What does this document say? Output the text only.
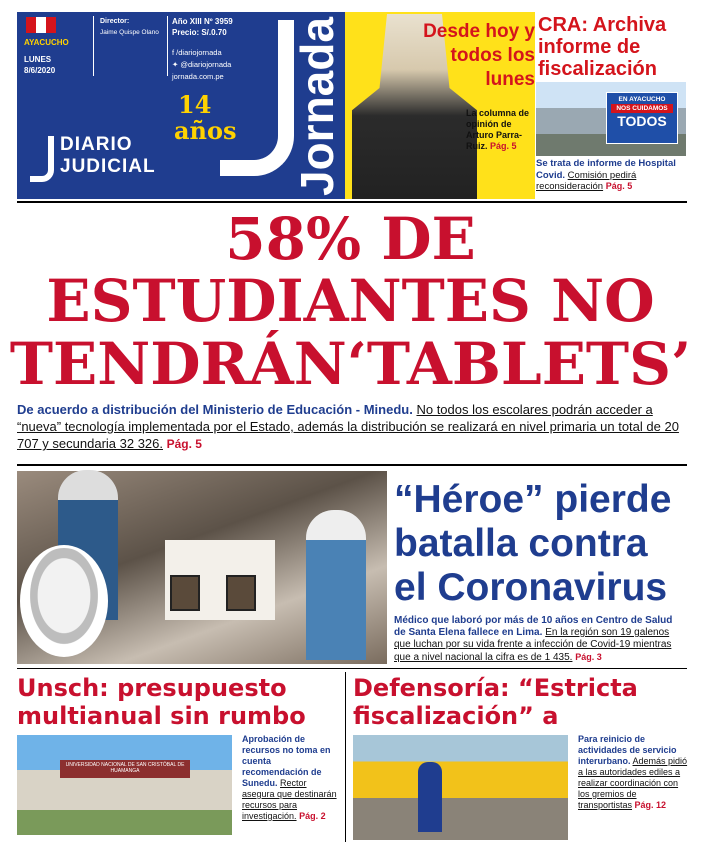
AYACUCHO
LUNES
8/6/2020
Director:
Jaime Quispe Olano
Año XIII Nº 3959
Precio: S/.0.70
f /diariojornada
✦ @diariojornada
jornada.com.pe
14
años
DIARIO
JUDICIAL	Jornada	Desde hoy y todos los lunes
La columna de opinión de Arturo Parra-Ruiz. Pág. 5
CRA: Archiva informe de fiscalización
EN AYACUCHO
NOS CUIDAMOS
TODOS
Se trata de informe de Hospital Covid. Comisión pedirá reconsideración Pág. 5
58% DE
ESTUDIANTES NO
TENDRÁN‘TABLETS’
De acuerdo a distribución del Ministerio de Educación - Minedu. No todos los escolares podrán acceder a “nueva” tecnología implementada por el Estado, además la distribución se realizará en nivel primaria un total de 20 707 y secundaria 32 326. Pág. 5
“Héroe” pierde batalla contra el Coronavirus
Médico que laboró por más de 10 años en Centro de Salud de Santa Elena fallece en Lima. En la región son 19 galenos que luchan por su vida frente a infección de Covid-19 mientras que a nivel nacional la cifra es de 1 435. Pág. 3
Unsch: presupuesto multianual sin rumbo
UNIVERSIDAD NACIONAL DE SAN CRISTÓBAL DE HUAMANGA
Aprobación de recursos no toma en cuenta recomendación de Sunedu. Rector asegura que destinarán recursos para investigación. Pág. 2
Defensoría: “Estricta fiscalización” a
Para reinicio de actividades de servicio interurbano. Además pidió a las autoridades ediles a realizar coordinación con los gremios de transportistas Pág. 12
